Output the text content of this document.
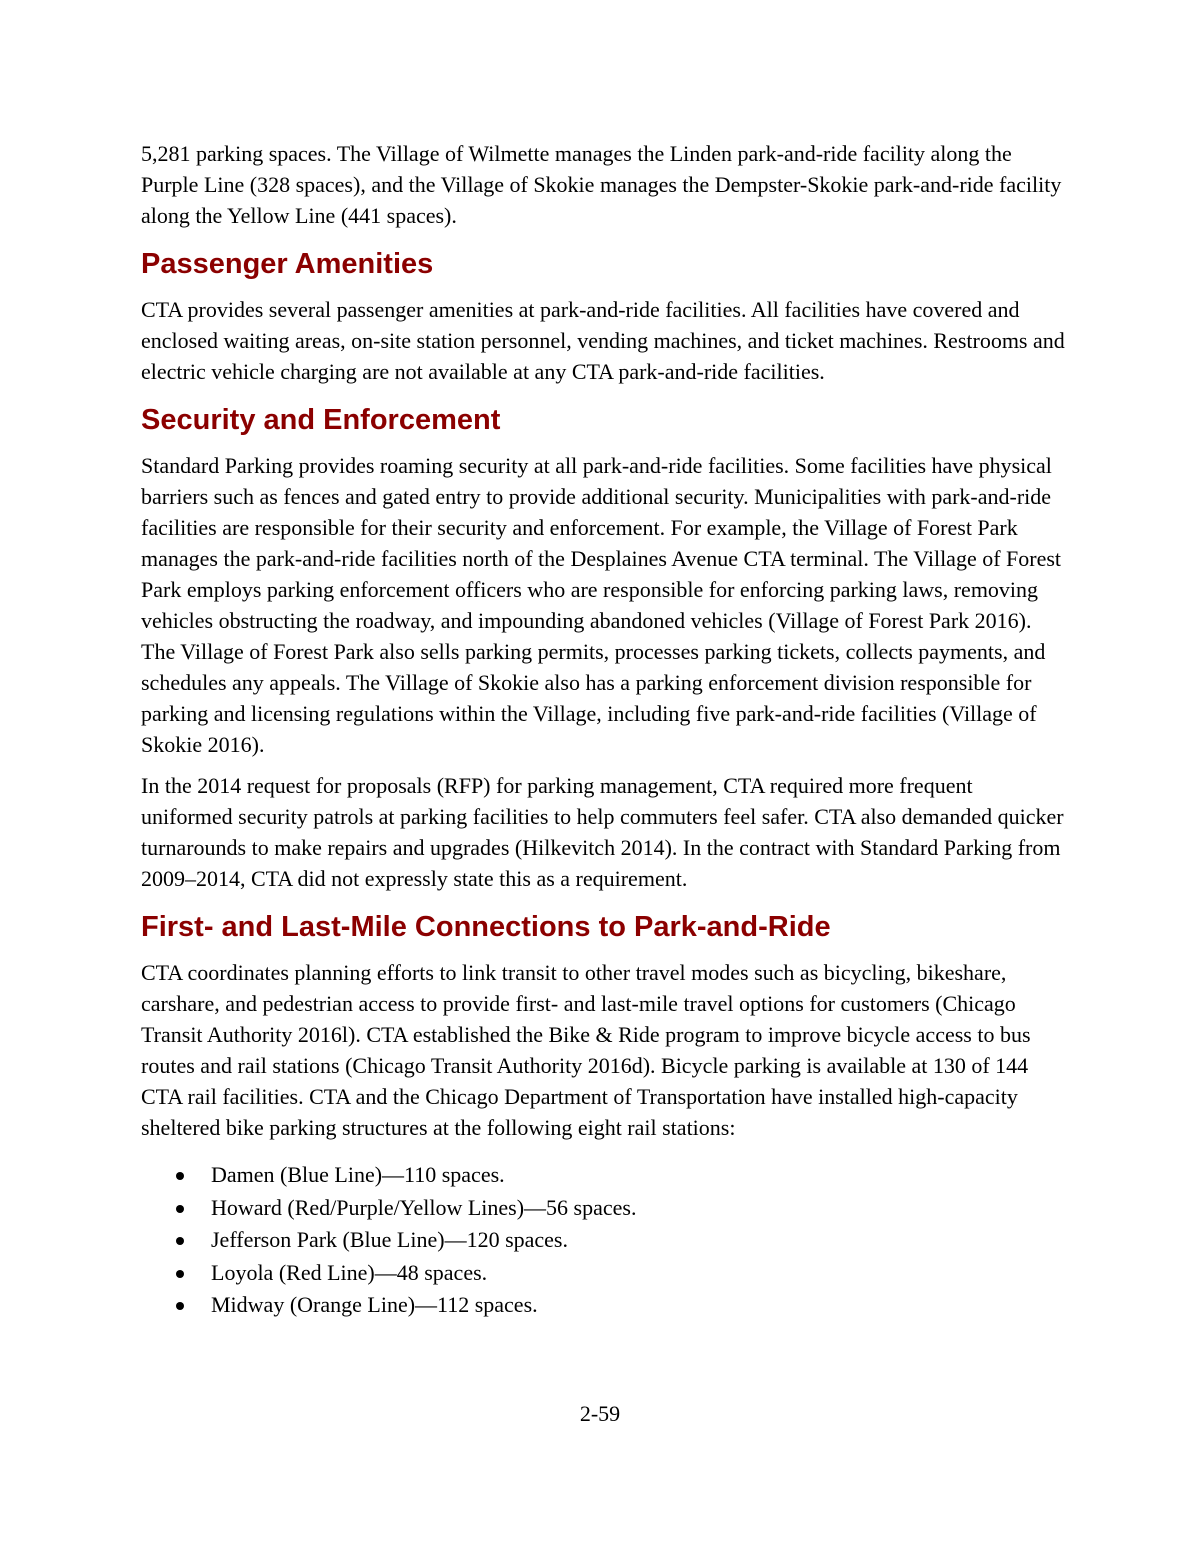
5,281 parking spaces. The Village of Wilmette manages the Linden park-and-ride facility along the Purple Line (328 spaces), and the Village of Skokie manages the Dempster-Skokie park-and-ride facility along the Yellow Line (441 spaces).

Passenger Amenities

CTA provides several passenger amenities at park-and-ride facilities. All facilities have covered and enclosed waiting areas, on-site station personnel, vending machines, and ticket machines. Restrooms and electric vehicle charging are not available at any CTA park-and-ride facilities.

Security and Enforcement

Standard Parking provides roaming security at all park-and-ride facilities. Some facilities have physical barriers such as fences and gated entry to provide additional security. Municipalities with park-and-ride facilities are responsible for their security and enforcement. For example, the Village of Forest Park manages the park-and-ride facilities north of the Desplaines Avenue CTA terminal. The Village of Forest Park employs parking enforcement officers who are responsible for enforcing parking laws, removing vehicles obstructing the roadway, and impounding abandoned vehicles (Village of Forest Park 2016). The Village of Forest Park also sells parking permits, processes parking tickets, collects payments, and schedules any appeals. The Village of Skokie also has a parking enforcement division responsible for parking and licensing regulations within the Village, including five park-and-ride facilities (Village of Skokie 2016).

In the 2014 request for proposals (RFP) for parking management, CTA required more frequent uniformed security patrols at parking facilities to help commuters feel safer. CTA also demanded quicker turnarounds to make repairs and upgrades (Hilkevitch 2014). In the contract with Standard Parking from 2009–2014, CTA did not expressly state this as a requirement.

First- and Last-Mile Connections to Park-and-Ride

CTA coordinates planning efforts to link transit to other travel modes such as bicycling, bikeshare, carshare, and pedestrian access to provide first- and last-mile travel options for customers (Chicago Transit Authority 2016l). CTA established the Bike & Ride program to improve bicycle access to bus routes and rail stations (Chicago Transit Authority 2016d). Bicycle parking is available at 130 of 144 CTA rail facilities. CTA and the Chicago Department of Transportation have installed high-capacity sheltered bike parking structures at the following eight rail stations:

Damen (Blue Line)—110 spaces.
Howard (Red/Purple/Yellow Lines)—56 spaces.
Jefferson Park (Blue Line)—120 spaces.
Loyola (Red Line)—48 spaces.
Midway (Orange Line)—112 spaces.
2-59
